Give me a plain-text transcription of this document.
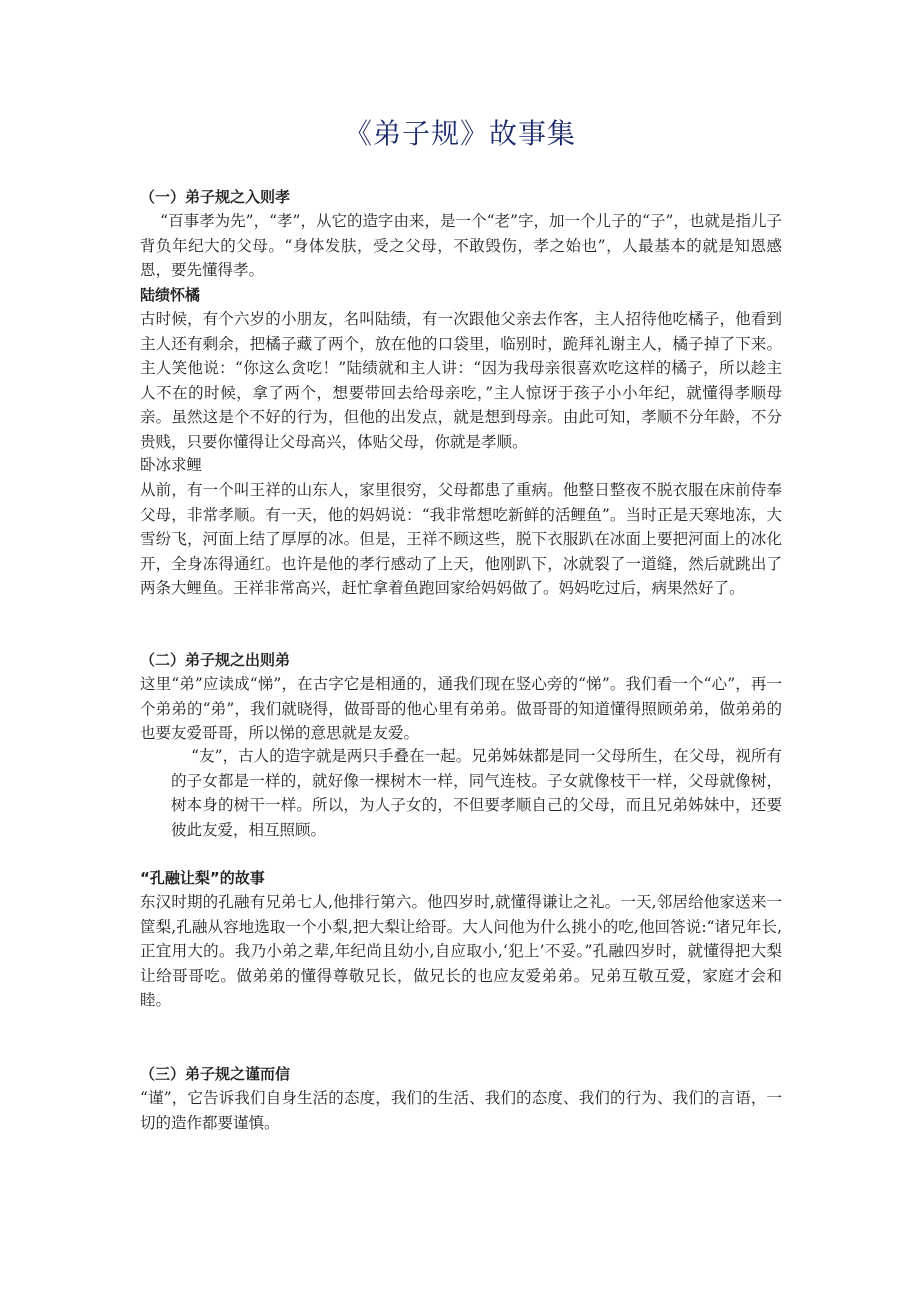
《弟子规》故事集
（一）弟子规之入则孝

“百事孝为先”，“孝”，从它的造字由来，是一个“老”字，加一个儿子的“子”，也就是指儿子背负年纪大的父母。“身体发肤，受之父母，不敢毁伤，孝之始也”，人最基本的就是知恩感恩，要先懂得孝。

陆绩怀橘

古时候，有个六岁的小朋友，名叫陆绩，有一次跟他父亲去作客，主人招待他吃橘子，他看到主人还有剩余，把橘子藏了两个，放在他的口袋里，临别时，跪拜礼谢主人，橘子掉了下来。主人笑他说：“你这么贪吃！”陆绩就和主人讲：“因为我母亲很喜欢吃这样的橘子，所以趁主人不在的时候，拿了两个，想要带回去给母亲吃，”主人惊讶于孩子小小年纪，就懂得孝顺母亲。虽然这是个不好的行为，但他的出发点，就是想到母亲。由此可知，孝顺不分年龄，不分贵贱，只要你懂得让父母高兴，体贴父母，你就是孝顺。

卧冰求鲤

从前，有一个叫王祥的山东人，家里很穷，父母都患了重病。他整日整夜不脱衣服在床前侍奉父母，非常孝顺。有一天，他的妈妈说：“我非常想吃新鲜的活鲤鱼”。当时正是天寒地冻，大雪纷飞，河面上结了厚厚的冰。但是，王祥不顾这些，脱下衣服趴在冰面上要把河面上的冰化开，全身冻得通红。也许是他的孝行感动了上天，他刚趴下，冰就裂了一道缝，然后就跳出了两条大鲤鱼。王祥非常高兴，赶忙拿着鱼跑回家给妈妈做了。妈妈吃过后，病果然好了。

（二）弟子规之出则弟

这里“弟”应读成“悌”，在古字它是相通的，通我们现在竖心旁的“悌”。我们看一个“心”，再一个弟弟的“弟”，我们就晓得，做哥哥的他心里有弟弟。做哥哥的知道懂得照顾弟弟，做弟弟的也要友爱哥哥，所以悌的意思就是友爱。

“友”，古人的造字就是两只手叠在一起。兄弟姊妹都是同一父母所生，在父母，视所有的子女都是一样的，就好像一棵树木一样，同气连枝。子女就像枝干一样，父母就像树，树本身的树干一样。所以，为人子女的，不但要孝顺自己的父母，而且兄弟姊妹中，还要彼此友爱，相互照顾。

“孔融让梨”的故事

东汉时期的孔融有兄弟七人,他排行第六。他四岁时,就懂得谦让之礼。一天,邻居给他家送来一筐梨,孔融从容地选取一个小梨,把大梨让给哥。大人问他为什么挑小的吃,他回答说:“诸兄年长,正宜用大的。我乃小弟之辈,年纪尚且幼小,自应取小,‘犯上’不妥。”孔融四岁时，就懂得把大梨让给哥哥吃。做弟弟的懂得尊敬兄长，做兄长的也应友爱弟弟。兄弟互敬互爱，家庭才会和睦。

（三）弟子规之谨而信

“谨”，它告诉我们自身生活的态度，我们的生活、我们的态度、我们的行为、我们的言语，一切的造作都要谨慎。
